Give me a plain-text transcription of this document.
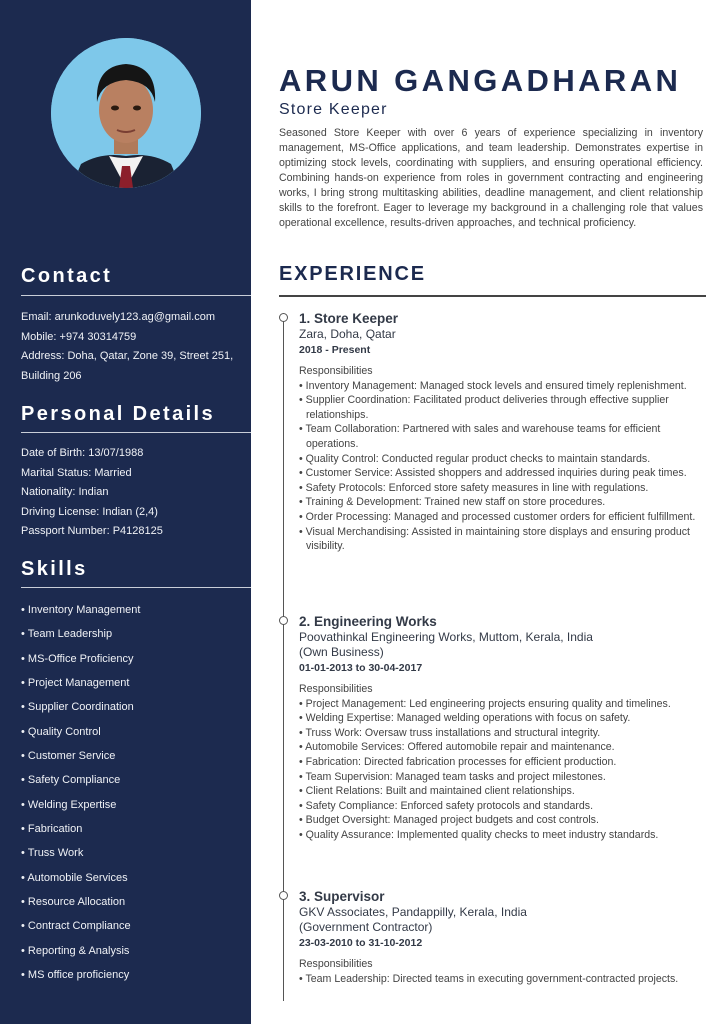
Contact
Email: arunkoduvely123.ag@gmail.com
Mobile: +974 30314759
Address: Doha, Qatar, Zone 39, Street 251, Building 206
Personal Details
Date of Birth: 13/07/1988
Marital Status: Married
Nationality: Indian
Driving License: Indian (2,4)
Passport Number: P4128125
Skills
• Inventory Management
• Team Leadership
• MS-Office Proficiency
• Project Management
• Supplier Coordination
• Quality Control
• Customer Service
• Safety Compliance
• Welding Expertise
• Fabrication
• Truss Work
• Automobile Services
• Resource Allocation
• Contract Compliance
• Reporting & Analysis
• MS office proficiency
ARUN GANGADHARAN
Store Keeper

Seasoned Store Keeper with over 6 years of experience specializing in inventory management, MS-Office applications, and team leadership. Demonstrates expertise in optimizing stock levels, coordinating with suppliers, and ensuring operational efficiency. Combining hands-on experience from roles in government contracting and engineering works, I bring strong multitasking abilities, deadline management, and client relationship skills to the forefront. Eager to leverage my background in a challenging role that values operational excellence, results-driven approaches, and technical proficiency.

EXPERIENCE
1. Store Keeper
Zara, Doha, Qatar
2018 - Present
Responsibilities
• Inventory Management: Managed stock levels and ensured timely replenishment.
• Supplier Coordination: Facilitated product deliveries through effective supplier relationships.
• Team Collaboration: Partnered with sales and warehouse teams for efficient operations.
• Quality Control: Conducted regular product checks to maintain standards.
• Customer Service: Assisted shoppers and addressed inquiries during peak times.
• Safety Protocols: Enforced store safety measures in line with regulations.
• Training & Development: Trained new staff on store procedures.
• Order Processing: Managed and processed customer orders for efficient fulfillment.
• Visual Merchandising: Assisted in maintaining store displays and ensuring product visibility.
2. Engineering Works
Poovathinkal Engineering Works, Muttom, Kerala, India
(Own Business)
01-01-2013 to 30-04-2017
Responsibilities
• Project Management: Led engineering projects ensuring quality and timelines.
• Welding Expertise: Managed welding operations with focus on safety.
• Truss Work: Oversaw truss installations and structural integrity.
• Automobile Services: Offered automobile repair and maintenance.
• Fabrication: Directed fabrication processes for efficient production.
• Team Supervision: Managed team tasks and project milestones.
• Client Relations: Built and maintained client relationships.
• Safety Compliance: Enforced safety protocols and standards.
• Budget Oversight: Managed project budgets and cost controls.
• Quality Assurance: Implemented quality checks to meet industry standards.
3. Supervisor
GKV Associates, Pandappilly, Kerala, India
(Government Contractor)
23-03-2010 to 31-10-2012
Responsibilities
• Team Leadership: Directed teams in executing government-contracted projects.
